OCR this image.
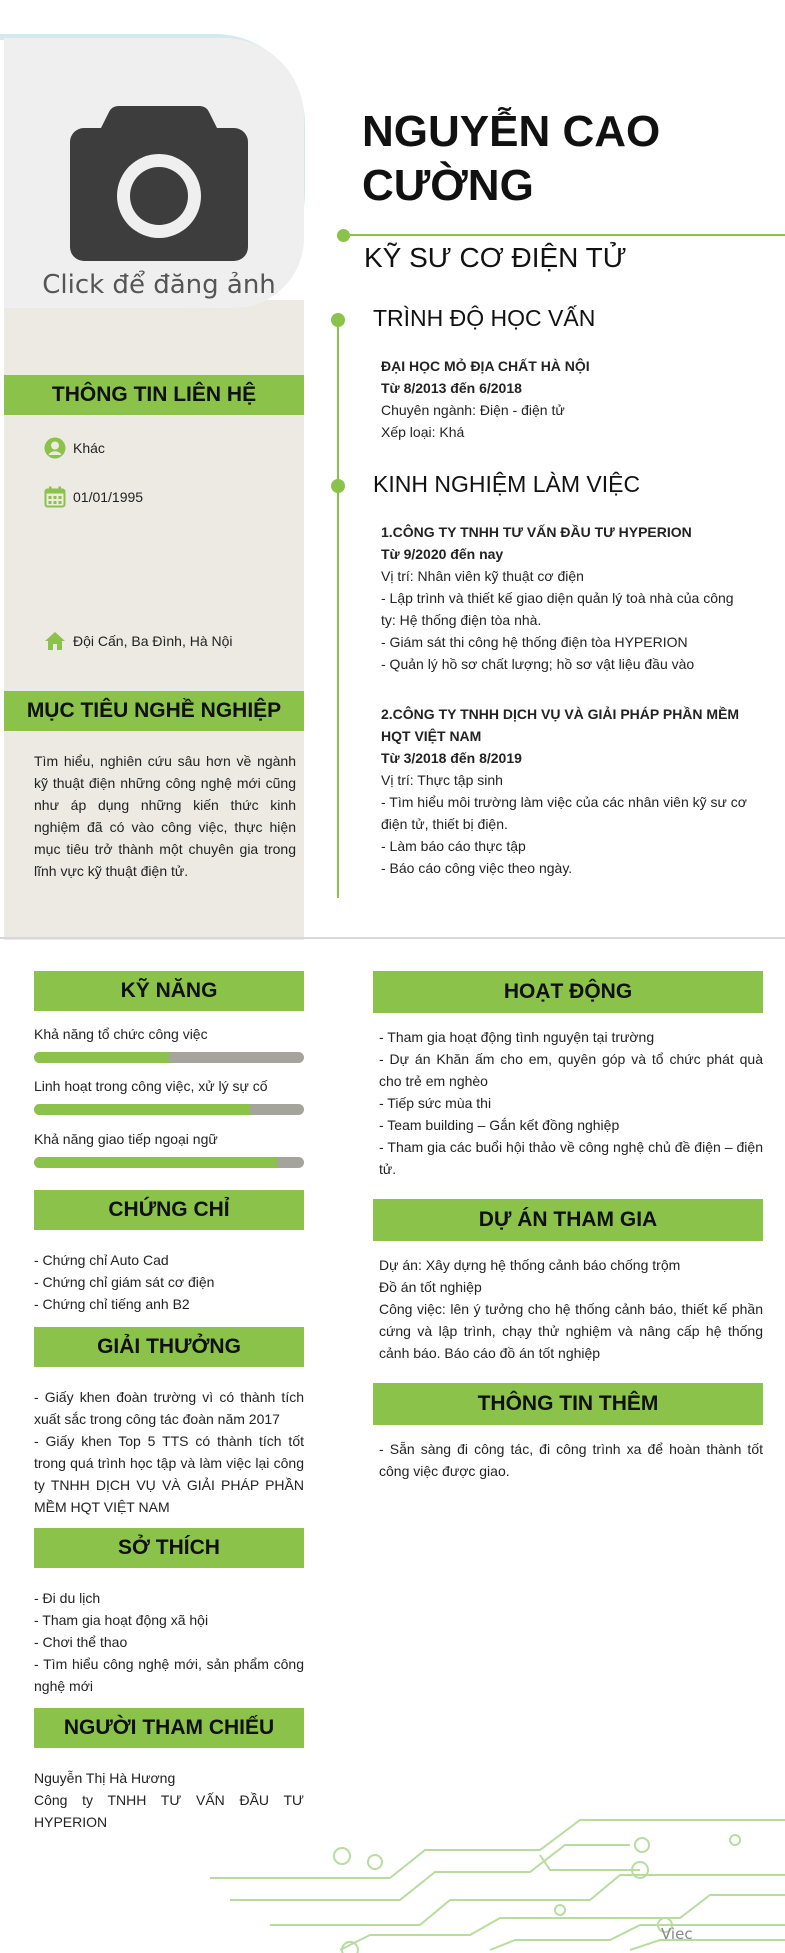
Click để đăng ảnh
NGUYỄN CAO CƯỜNG
KỸ SƯ CƠ ĐIỆN TỬ
TRÌNH ĐỘ HỌC VẤN
ĐẠI HỌC MỎ ĐỊA CHẤT HÀ NỘI
Từ 8/2013 đến 6/2018
Chuyên ngành: Điện - điện tử
Xếp loại: Khá
KINH NGHIỆM LÀM VIỆC
1.CÔNG TY TNHH TƯ VẤN ĐẦU TƯ HYPERION
Từ 9/2020 đến nay
Vị trí: Nhân viên kỹ thuật cơ điện
- Lập trình và thiết kế giao diện quản lý toà nhà của công ty: Hệ thống điện tòa nhà.
- Giám sát thi công hệ thống điện tòa HYPERION
- Quản lý hồ sơ chất lượng; hồ sơ vật liệu đầu vào
2.CÔNG TY TNHH DỊCH VỤ VÀ GIẢI PHÁP PHẦN MỀM HQT VIỆT NAM
Từ 3/2018 đến 8/2019
Vị trí: Thực tập sinh
- Tìm hiểu môi trường làm việc của các nhân viên kỹ sư cơ điện tử, thiết bị điện.
- Làm báo cáo thực tập
- Báo cáo công việc theo ngày.
THÔNG TIN LIÊN HỆ
Khác
01/01/1995
Đội Cấn, Ba Đình, Hà Nội
MỤC TIÊU NGHỀ NGHIỆP
Tìm hiểu, nghiên cứu sâu hơn về ngành kỹ thuật điện những công nghệ mới cũng như áp dụng những kiến thức kinh nghiệm đã có vào công việc, thực hiện mục tiêu trở thành một chuyên gia trong lĩnh vực kỹ thuật điện tử.
KỸ NĂNG
Khả năng tổ chức công việc
Linh hoạt trong công việc, xử lý sự cố
Khả năng giao tiếp ngoại ngữ
CHỨNG CHỈ
- Chứng chỉ Auto Cad
- Chứng chỉ giám sát cơ điện
- Chứng chỉ tiếng anh B2
GIẢI THƯỞNG
- Giấy khen đoàn trường vì có thành tích xuất sắc trong công tác đoàn năm 2017
- Giấy khen Top 5 TTS có thành tích tốt trong quá trình học tập và làm việc lại công ty TNHH DỊCH VỤ VÀ GIẢI PHÁP PHẦN MỀM HQT VIỆT NAM
SỞ THÍCH
- Đi du lịch
- Tham gia hoạt động xã hội
- Chơi thể thao
- Tìm hiểu công nghệ mới, sản phẩm công nghệ mới
NGƯỜI THAM CHIẾU
Nguyễn Thị Hà Hương
Công ty TNHH TƯ VẤN ĐẦU TƯ HYPERION
HOẠT ĐỘNG
- Tham gia hoạt động tình nguyện tại trường
- Dự án Khăn ấm cho em, quyên góp và tổ chức phát quà cho trẻ em nghèo
- Tiếp sức mùa thi
- Team building – Gắn kết đồng nghiệp
- Tham gia các buổi hội thảo về công nghệ chủ đề điện – điện tử.
DỰ ÁN THAM GIA
Dự án: Xây dựng hệ thống cảnh báo chống trộm
Đồ án tốt nghiệp
Công việc: lên ý tưởng cho hệ thống cảnh báo, thiết kế phần cứng và lập trình, chạy thử nghiệm và nâng cấp hệ thống cảnh báo. Báo cáo đồ án tốt nghiệp
THÔNG TIN THÊM
- Sẵn sàng đi công tác, đi công trình xa để hoàn thành tốt công việc được giao.
Viec
